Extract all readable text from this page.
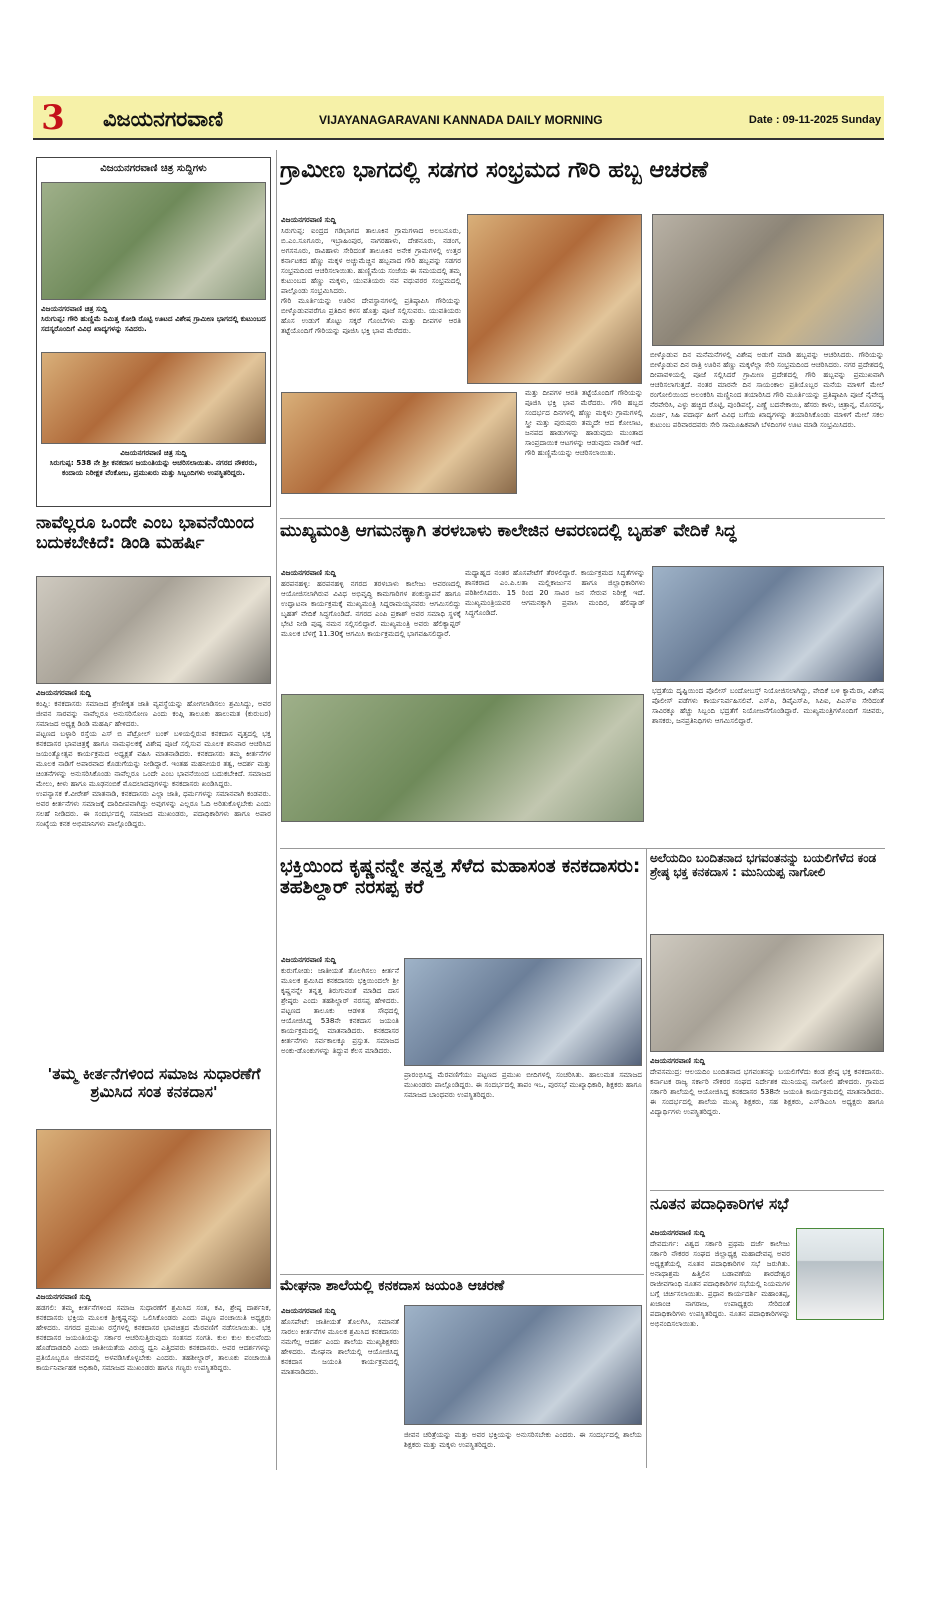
3 ವಿಜಯನಗರವಾಣಿ	VIJAYANAGARAVANI KANNADA DAILY MORNING	Date : 09-11-2025 Sunday
ವಿಜಯನಗರವಾಣಿ ಚಿತ್ರ ಸುದ್ದಿಗಳು
ವಿಜಯನಗರವಾಣಿ ಚಿತ್ರ ಸುದ್ದಿ
ಸಿರುಗುಪ್ಪ: ಗೌರಿ ಹುಣ್ಣಿಮೆ ನಿಮಿತ್ತ ಕೋಡಿ ರೊಟ್ಟಿ ಊಟದ ವಿಶೇಷ ಗ್ರಾಮೀಣ ಭಾಗದಲ್ಲಿ ಕುಟುಂಬದ ಸದಸ್ಯರೊಂದಿಗೆ ವಿವಿಧ ಖಾದ್ಯಗಳನ್ನು ಸವಿದರು.
ವಿಜಯನಗರವಾಣಿ ಚಿತ್ರ ಸುದ್ದಿ
ಸಿರುಗುಪ್ಪ: 538 ನೇ ಶ್ರೀ ಕನಕದಾಸ ಜಯಂತಿಯನ್ನು ಆಚರಿಸಲಾಯಿತು. ನಗರದ ನೌಕರರು, ಕಂದಾಯ ನಿರೀಕ್ಷಕ ವೆಂಕೋಬ, ಪ್ರಮುಖರು ಮತ್ತು ಸಿಬ್ಬಂದಿಗಳು ಉಪಸ್ಥಿತರಿದ್ದರು.
ನಾವೆಲ್ಲರೂ ಒಂದೇ ಎಂಬ ಭಾವನೆಯಿಂದ ಬದುಕಬೇಕಿದೆ: ಡಿಂಡಿ ಮಹರ್ಷಿ
ವಿಜಯನಗರವಾಣಿ ಸುದ್ದಿ
ಕಂಪ್ಲಿ: ಕನಕದಾಸರು ಸಮಾಜದ ಶ್ರೇಣೀಕೃತ ಜಾತಿ ವ್ಯವಸ್ಥೆಯನ್ನು ಹೋಗಲಾಡಿಸಲು ಶ್ರಮಿಸಿದ್ದು, ಅವರ ಜೀವನ ಸಾರವನ್ನು ನಾವೆಲ್ಲರೂ ಅನುಸರಿಸೋಣ ಎಂದು ಕಂಪ್ಲಿ ತಾಲೂಕು ಹಾಲುಮತ (ಕುರುಬರ) ಸಮಾಜದ ಅಧ್ಯಕ್ಷ ಡಿಂಡಿ ಮಹರ್ಷಿ ಹೇಳಿದರು.
ಪಟ್ಟಣದ ಬಳ್ಳಾರಿ ರಸ್ತೆಯ ಎಸ್ ಬಿ ಪೆಟ್ರೋಲ್ ಬಂಕ್ ಬಳಿಯಲ್ಲಿರುವ ಕನಕದಾಸ ವೃತ್ತದಲ್ಲಿ ಭಕ್ತ ಕನಕದಾಸರ ಭಾವಚಿತ್ರಕ್ಕೆ ಹಾಗೂ ನಾಮಫಲಕಕ್ಕೆ ವಿಶೇಷ ಪೂಜೆ ಸಲ್ಲಿಸುವ ಮೂಲಕ ಶನಿವಾರ ಆಚರಿಸಿದ ಜಯಂತ್ಯೋತ್ಸವ ಕಾರ್ಯಕ್ರಮದ ಅಧ್ಯಕ್ಷತೆ ವಹಿಸಿ ಮಾತನಾಡಿದರು. ಕನಕದಾಸರು ತಮ್ಮ ಕೀರ್ತನೆಗಳ ಮೂಲಕ ನಾಡಿಗೆ ಅಪಾರವಾದ ಕೊಡುಗೆಯನ್ನು ನೀಡಿದ್ದಾರೆ. ಇಂತಹ ಮಹನೀಯರ ತತ್ವ, ಆದರ್ಶ ಮತ್ತು ಚಿಂತನೆಗಳನ್ನು ಅನುಸರಿಸಿಕೊಂಡು ನಾವೆಲ್ಲರೂ ಒಂದೇ ಎಂಬ ಭಾವನೆಯಿಂದ ಬದುಕಬೇಕಿದೆ. ಸಮಾಜದ ಮೇಲು, ಕೀಳು ಹಾಗೂ ಮೂಢನಂಬಿಕೆ ಮೊದಲಾದವುಗಳನ್ನು ಕನಕದಾಸರು ಖಂಡಿಸಿದ್ದರು.
ಉಪನ್ಯಾಸಕ ಕೆ.ವೀರೇಶ್ ಮಾತನಾಡಿ, ಕನಕದಾಸರು ಎಲ್ಲಾ ಜಾತಿ, ಧರ್ಮಗಳನ್ನು ಸಮಾನವಾಗಿ ಕಂಡವರು. ಅವರ ಕೀರ್ತನೆಗಳು ಸಮಾಜಕ್ಕೆ ದಾರಿದೀಪವಾಗಿದ್ದು ಅವುಗಳನ್ನು ಎಲ್ಲರೂ ಓದಿ ಅರಿತುಕೊಳ್ಳಬೇಕು ಎಂದು ಸಲಹೆ ನೀಡಿದರು. ಈ ಸಂದರ್ಭದಲ್ಲಿ ಸಮಾಜದ ಮುಖಂಡರು, ಪದಾಧಿಕಾರಿಗಳು ಹಾಗೂ ಅಪಾರ ಸಂಖ್ಯೆಯ ಕನಕ ಅಭಿಮಾನಿಗಳು ಪಾಲ್ಗೊಂಡಿದ್ದರು.
'ತಮ್ಮ ಕೀರ್ತನೆಗಳಿಂದ ಸಮಾಜ ಸುಧಾರಣೆಗೆ ಶ್ರಮಿಸಿದ ಸಂತ ಕನಕದಾಸ'
ವಿಜಯನಗರವಾಣಿ ಸುದ್ದಿ
ಹಡಗಲಿ: ತಮ್ಮ ಕೀರ್ತನೆಗಳಿಂದ ಸಮಾಜ ಸುಧಾರಣೆಗೆ ಶ್ರಮಿಸಿದ ಸಂತ, ಕವಿ, ಶ್ರೇಷ್ಠ ದಾರ್ಶನಿಕ, ಕನಕದಾಸರು ಭಕ್ತಿಯ ಮೂಲಕ ಶ್ರೀಕೃಷ್ಣನನ್ನು ಒಲಿಸಿಕೊಂಡರು ಎಂದು ಪಟ್ಟಣ ಪಂಚಾಯಿತಿ ಅಧ್ಯಕ್ಷರು ಹೇಳಿದರು. ನಗರದ ಪ್ರಮುಖ ರಸ್ತೆಗಳಲ್ಲಿ ಕನಕದಾಸರ ಭಾವಚಿತ್ರದ ಮೆರವಣಿಗೆ ನಡೆಸಲಾಯಿತು. ಭಕ್ತ ಕನಕದಾಸರ ಜಯಂತಿಯನ್ನು ಸರ್ಕಾರ ಆಚರಿಸುತ್ತಿರುವುದು ಸಂತಸದ ಸಂಗತಿ. ಕುಲ ಕುಲ ಕುಲವೆಂದು ಹೊಡೆದಾಡದಿರಿ ಎಂದು ಜಾತೀಯತೆಯ ವಿರುದ್ಧ ಧ್ವನಿ ಎತ್ತಿದವರು ಕನಕದಾಸರು. ಅವರ ಆದರ್ಶಗಳನ್ನು ಪ್ರತಿಯೊಬ್ಬರೂ ಜೀವನದಲ್ಲಿ ಅಳವಡಿಸಿಕೊಳ್ಳಬೇಕು ಎಂದರು. ತಹಶೀಲ್ದಾರ್, ತಾಲೂಕು ಪಂಚಾಯಿತಿ ಕಾರ್ಯನಿರ್ವಾಹಕ ಅಧಿಕಾರಿ, ಸಮಾಜದ ಮುಖಂಡರು ಹಾಗೂ ಗಣ್ಯರು ಉಪಸ್ಥಿತರಿದ್ದರು.
ಗ್ರಾಮೀಣ ಭಾಗದಲ್ಲಿ ಸಡಗರ ಸಂಭ್ರಮದ ಗೌರಿ ಹಬ್ಬ ಆಚರಣೆ
ವಿಜಯನಗರವಾಣಿ ಸುದ್ದಿ
ಸಿರುಗುಪ್ಪ: ಐಂದ್ರದ ಗಡಿಭಾಗದ ತಾಲೂಕಿನ ಗ್ರಾಮಗಳಾದ ಅಲಬನೂರು, ಬಿ.ಎಂ.ಸೂಗೂರು, ಇಬ್ರಾಹಿಂಪುರ, ನಾಗರಹಾಳು, ದೇಶನೂರು, ನಡಂಗ, ಅಗಸನೂರು, ರಾವಿಹಾಳು ಸೇರಿದಂತೆ ತಾಲೂಕಿನ ಅನೇಕ ಗ್ರಾಮಗಳಲ್ಲಿ ಉತ್ತರ ಕರ್ನಾಟಕದ ಹೆಣ್ಣು ಮಕ್ಕಳ ಅಚ್ಚುಮೆಚ್ಚಿನ ಹಬ್ಬವಾದ ಗೌರಿ ಹಬ್ಬವನ್ನು ಸಡಗರ ಸಂಭ್ರಮದಿಂದ ಆಚರಿಸಲಾಯಿತು. ಹುಣ್ಣಿಮೆಯ ಸಂಜೆಯ ಈ ಸಮಯದಲ್ಲಿ ತಮ್ಮ ಕುಟುಂಬದ ಹೆಣ್ಣು ಮಕ್ಕಳು, ಯುವತಿಯರು ನವ ವಧುವರರ ಸಂಭ್ರಮದಲ್ಲಿ ಪಾಲ್ಗೊಂಡು ಸಂಭ್ರಮಿಸಿದರು.
ಗೌರಿ ಮೂರ್ತಿಯನ್ನು ಊರಿನ ದೇವಸ್ಥಾನಗಳಲ್ಲಿ ಪ್ರತಿಷ್ಠಾಪಿಸಿ ಗೌರಿಯನ್ನು ಬೀಳ್ಕೊಡುವವರೆಗೂ ಪ್ರತಿದಿನ ಕಳಸ ಹೊತ್ತು ಪೂಜೆ ಸಲ್ಲಿಸುವರು. ಯುವತಿಯರು ಹೊಸ ಉಡುಗೆ ತೊಟ್ಟು ಸಕ್ಕರೆ ಗೊಂಬೆಗಳು ಮತ್ತು ದೀಪಗಳ ಆರತಿ ತಟ್ಟೆಯೊಂದಿಗೆ ಗೌರಿಯನ್ನು ಪೂಜಿಸಿ ಭಕ್ತಿ ಭಾವ ಮೆರೆದರು.
ಮತ್ತು ದೀಪಗಳ ಆರತಿ ತಟ್ಟೆಯೊಂದಿಗೆ ಗೌರಿಯನ್ನು ಪೂಜಿಸಿ ಭಕ್ತಿ ಭಾವ ಮೆರೆದರು. ಗೌರಿ ಹಬ್ಬದ ಸಂದರ್ಭದ ದಿನಗಳಲ್ಲಿ ಹೆಣ್ಣು ಮಕ್ಕಳು ಗ್ರಾಮಗಳಲ್ಲಿ ಸ್ತ್ರೀ ಮತ್ತು ಪುರುಷರು ತಮ್ಮದೇ ಆದ ಕೋಲಾಟ, ಜನಪದ ಹಾಡುಗಳನ್ನು ಹಾಡುವುದು ಮುಂತಾದ ಸಾಂಪ್ರದಾಯಿಕ ಆಟಗಳನ್ನು ಆಡುವುದು ವಾಡಿಕೆ ಇದೆ. ಗೌರಿ ಹುಣ್ಣಿಮೆಯನ್ನು ಆಚರಿಸಲಾಯಿತು.
ಬೀಳ್ಕೊಡುವ ದಿನ ಮನೆಮನೆಗಳಲ್ಲಿ ವಿಶೇಷ ಅಡುಗೆ ಮಾಡಿ ಹಬ್ಬವನ್ನು ಆಚರಿಸಿದರು. ಗೌರಿಯನ್ನು ಬೀಳ್ಕೊಡುವ ದಿನ ರಾತ್ರಿ ಊರಿನ ಹೆಣ್ಣು ಮಕ್ಕಳೆಲ್ಲಾ ಸೇರಿ ಸಂಭ್ರಮದಿಂದ ಆಚರಿಸಿದರು. ನಗರ ಪ್ರದೇಶದಲ್ಲಿ ದೀಪಾವಳಿಯಲ್ಲಿ ಪೂಜೆ ಸಲ್ಲಿಸಿದರೆ ಗ್ರಾಮೀಣ ಪ್ರದೇಶದಲ್ಲಿ ಗೌರಿ ಹಬ್ಬವನ್ನು ಪ್ರಮುಖವಾಗಿ ಆಚರಿಸಲಾಗುತ್ತದೆ. ನಂತರ ಮಾರನೇ ದಿನ ಸಾಯಂಕಾಲ ಪ್ರತಿಯೊಬ್ಬರ ಮನೆಯ ಮಾಳಿಗೆ ಮೇಲೆ ರಂಗೋಲಿಯಿಂದ ಅಲಂಕರಿಸಿ ಮಣ್ಣಿನಿಂದ ತಯಾರಿಸಿದ ಗೌರಿ ಮೂರ್ತಿಯನ್ನು ಪ್ರತಿಷ್ಠಾಪಿಸಿ ಪೂಜೆ ನೈವೇದ್ಯ ನೆರವೇರಿಸಿ, ಎಳ್ಳು ಹಚ್ಚಿದ ರೊಟ್ಟಿ, ಪುಂಡಿಪಲ್ಯೆ, ಎಣ್ಣೆ ಬದನೇಕಾಯಿ, ಹೆಸರು ಕಾಳು, ಚಿತ್ರಾನ್ನ, ಮೊಸರನ್ನ, ಮಿರ್ಚಿ, ಸಿಹಿ ಪದಾರ್ಥ ಹೀಗೆ ವಿವಿಧ ಬಗೆಯ ಖಾದ್ಯಗಳನ್ನು ತಯಾರಿಸಿಕೊಂಡು ಮಾಳಿಗೆ ಮೇಲೆ ಸಕಲ ಕುಟುಂಬ ಪರಿವಾರದವರು ಸೇರಿ ಸಾಮೂಹಿಕವಾಗಿ ಬೆಳದಿಂಗಳ ಊಟ ಮಾಡಿ ಸಂಭ್ರಮಿಸಿದರು.
ಮುಖ್ಯಮಂತ್ರಿ ಆಗಮನಕ್ಕಾಗಿ ತರಳಬಾಳು ಕಾಲೇಜಿನ ಆವರಣದಲ್ಲಿ ಬೃಹತ್ ವೇದಿಕೆ ಸಿದ್ಧ
ವಿಜಯನಗರವಾಣಿ ಸುದ್ದಿ
ಹರಪನಹಳ್ಳಿ: ಹರಪನಹಳ್ಳಿ ನಗರದ ತರಳಬಾಳು ಕಾಲೇಜು ಆವರಣದಲ್ಲಿ ಆಯೋಜಿಸಲಾಗಿರುವ ವಿವಿಧ ಅಭಿವೃದ್ಧಿ ಕಾಮಗಾರಿಗಳ ಶಂಕುಸ್ಥಾಪನೆ ಹಾಗೂ ಉದ್ಘಾಟನಾ ಕಾರ್ಯಕ್ರಮಕ್ಕೆ ಮುಖ್ಯಮಂತ್ರಿ ಸಿದ್ದರಾಮಯ್ಯನವರು ಆಗಮಿಸಲಿದ್ದು ಬೃಹತ್ ವೇದಿಕೆ ಸಿದ್ಧಗೊಂಡಿದೆ. ನಗರದ ಎಂಪಿ ಪ್ರಕಾಶ್ ಅವರ ಸಮಾಧಿ ಸ್ಥಳಕ್ಕೆ ಭೇಟಿ ನೀಡಿ ಪುಷ್ಪ ನಮನ ಸಲ್ಲಿಸಲಿದ್ದಾರೆ. ಮುಖ್ಯಮಂತ್ರಿ ಅವರು ಹೆಲಿಕ್ಯಾಪ್ಟರ್ ಮೂಲಕ ಬೆಳಗ್ಗೆ 11.30ಕ್ಕೆ ಆಗಮಿಸಿ ಕಾರ್ಯಕ್ರಮದಲ್ಲಿ ಭಾಗವಹಿಸಲಿದ್ದಾರೆ.
ಮಧ್ಯಾಹ್ನದ ನಂತರ ಹೊಸಪೇಟೆಗೆ ತೆರಳಲಿದ್ದಾರೆ. ಕಾರ್ಯಕ್ರಮದ ಸಿದ್ಧತೆಗಳನ್ನು ಶಾಸಕರಾದ ಎಂ.ಪಿ.ಲತಾ ಮಲ್ಲಿಕಾರ್ಜುನ ಹಾಗೂ ಜಿಲ್ಲಾಧಿಕಾರಿಗಳು ಪರಿಶೀಲಿಸಿದರು. 15 ರಿಂದ 20 ಸಾವಿರ ಜನ ಸೇರುವ ನಿರೀಕ್ಷೆ ಇದೆ. ಮುಖ್ಯಮಂತ್ರಿಯವರ ಆಗಮನಕ್ಕಾಗಿ ಪ್ರವಾಸಿ ಮಂದಿರ, ಹೆಲಿಪ್ಯಾಡ್ ಸಿದ್ಧಗೊಂಡಿದೆ.
ಭದ್ರತೆಯ ದೃಷ್ಟಿಯಿಂದ ಪೊಲೀಸ್ ಬಂದೋಬಸ್ತ್ ನಿಯೋಜಿಸಲಾಗಿದ್ದು, ವೇದಿಕೆ ಬಳಿ ಕ್ಯಾಮೆರಾ, ವಿಶೇಷ ಪೊಲೀಸ್ ಪಡೆಗಳು ಕಾರ್ಯನಿರ್ವಹಿಸಲಿವೆ. ಎಸ್‌ಪಿ, ಡಿವೈಎಸ್‌ಪಿ, ಸಿಪಿಐ, ಪಿಎಸ್‌ಐ ಸೇರಿದಂತೆ ಸಾವಿರಕ್ಕೂ ಹೆಚ್ಚು ಸಿಬ್ಬಂದಿ ಭದ್ರತೆಗೆ ನಿಯೋಜನೆಗೊಂಡಿದ್ದಾರೆ. ಮುಖ್ಯಮಂತ್ರಿಗಳೊಂದಿಗೆ ಸಚಿವರು, ಶಾಸಕರು, ಜನಪ್ರತಿನಿಧಿಗಳು ಆಗಮಿಸಲಿದ್ದಾರೆ.
ಭಕ್ತಿಯಿಂದ ಕೃಷ್ಣನನ್ನೇ ತನ್ನತ್ತ ಸೆಳೆದ ಮಹಾಸಂತ ಕನಕದಾಸರು: ತಹಶಿಲ್ದಾರ್ ನರಸಪ್ಪ ಕರೆ
ವಿಜಯನಗರವಾಣಿ ಸುದ್ದಿ
ಕುರುಗೋಡು: ಜಾತೀಯತೆ ತೊಲಗಿಸಲು ಕೀರ್ತನೆ ಮೂಲಕ ಶ್ರಮಿಸಿದ ಕನಕದಾಸರು ಭಕ್ತಿಯಿಂದಲೇ ಶ್ರೀ ಕೃಷ್ಣನನ್ನೇ ತನ್ನತ್ತ ತಿರುಗುವಂತೆ ಮಾಡಿದ ದಾಸ ಶ್ರೇಷ್ಠರು ಎಂದು ತಹಶಿಲ್ದಾರ್ ನರಸಪ್ಪ ಹೇಳಿದರು. ಪಟ್ಟಣದ ತಾಲೂಕು ಆಡಳಿತ ಸೌಧದಲ್ಲಿ ಆಯೋಜಿಸಿದ್ದ 538ನೇ ಕನಕದಾಸ ಜಯಂತಿ ಕಾರ್ಯಕ್ರಮದಲ್ಲಿ ಮಾತನಾಡಿದರು. ಕನಕದಾಸರ ಕೀರ್ತನೆಗಳು ಸರ್ವಕಾಲಕ್ಕೂ ಪ್ರಸ್ತುತ. ಸಮಾಜದ ಅಂಕು-ಡೊಂಕುಗಳನ್ನು ತಿದ್ದುವ ಕೆಲಸ ಮಾಡಿದರು.
ಪ್ರಾರಂಭಿಸಿದ್ದ ಮೆರವಣಿಗೆಯು ಪಟ್ಟಣದ ಪ್ರಮುಖ ಬೀದಿಗಳಲ್ಲಿ ಸಂಚರಿಸಿತು. ಹಾಲುಮತ ಸಮಾಜದ ಮುಖಂಡರು ಪಾಲ್ಗೊಂಡಿದ್ದರು. ಈ ಸಂದರ್ಭದಲ್ಲಿ ತಾಪಂ ಇಒ, ಪುರಸಭೆ ಮುಖ್ಯಾಧಿಕಾರಿ, ಶಿಕ್ಷಕರು ಹಾಗೂ ಸಮಾಜದ ಬಾಂಧವರು ಉಪಸ್ಥಿತರಿದ್ದರು.
ಮೇಘನಾ ಶಾಲೆಯಲ್ಲಿ ಕನಕದಾಸ ಜಯಂತಿ ಆಚರಣೆ
ವಿಜಯನಗರವಾಣಿ ಸುದ್ದಿ
ಹೊಸಪೇಟೆ: ಜಾತೀಯತೆ ತೊಲಗಿಸಿ, ಸಮಾನತೆ ಸಾರಲು ಕೀರ್ತನೆಗಳ ಮೂಲಕ ಶ್ರಮಿಸಿದ ಕನಕದಾಸರು ನಮಗೆಲ್ಲ ಆದರ್ಶ ಎಂದು ಶಾಲೆಯ ಮುಖ್ಯಶಿಕ್ಷಕರು ಹೇಳಿದರು. ಮೇಘನಾ ಶಾಲೆಯಲ್ಲಿ ಆಯೋಜಿಸಿದ್ದ ಕನಕದಾಸ ಜಯಂತಿ ಕಾರ್ಯಕ್ರಮದಲ್ಲಿ ಮಾತನಾಡಿದರು.
ಜೀವನ ಚರಿತ್ರೆಯನ್ನು ಮತ್ತು ಅವರ ಭಕ್ತಿಯನ್ನು ಅನುಸರಿಸಬೇಕು ಎಂದರು. ಈ ಸಂದರ್ಭದಲ್ಲಿ ಶಾಲೆಯ ಶಿಕ್ಷಕರು ಮತ್ತು ಮಕ್ಕಳು ಉಪಸ್ಥಿತರಿದ್ದರು.
ಅಲೆಯದಿಂ ಬಂದಿತನಾದ ಭಗವಂತನನ್ನು ಬಯಲಿಗೆಳೆದ ಕಂಡ ಶ್ರೇಷ್ಠ ಭಕ್ತ ಕನಕದಾಸ : ಮುನಿಯಪ್ಪ ನಾಗೋಲಿ
ವಿಜಯನಗರವಾಣಿ ಸುದ್ದಿ
ದೇವಸಮುದ್ರ: ಆಲಯದಿಂ ಬಂದಿತನಾದ ಭಗವಂತನನ್ನು ಬಯಲಿಗೆಳೆದು ಕಂಡ ಶ್ರೇಷ್ಠ ಭಕ್ತ ಕನಕದಾಸರು. ಕರ್ನಾಟಕ ರಾಜ್ಯ ಸರ್ಕಾರಿ ನೌಕರರ ಸಂಘದ ನಿರ್ದೇಶಕ ಮುನಿಯಪ್ಪ ನಾಗೋಲಿ ಹೇಳಿದರು. ಗ್ರಾಮದ ಸರ್ಕಾರಿ ಶಾಲೆಯಲ್ಲಿ ಆಯೋಜಿಸಿದ್ದ ಕನಕದಾಸರ 538ನೇ ಜಯಂತಿ ಕಾರ್ಯಕ್ರಮದಲ್ಲಿ ಮಾತನಾಡಿದರು. ಈ ಸಂದರ್ಭದಲ್ಲಿ ಶಾಲೆಯ ಮುಖ್ಯ ಶಿಕ್ಷಕರು, ಸಹ ಶಿಕ್ಷಕರು, ಎಸ್‌ಡಿಎಂಸಿ ಅಧ್ಯಕ್ಷರು ಹಾಗೂ ವಿದ್ಯಾರ್ಥಿಗಳು ಉಪಸ್ಥಿತರಿದ್ದರು.
ನೂತನ ಪದಾಧಿಕಾರಿಗಳ ಸಭೆ
ವಿಜಯನಗರವಾಣಿ ಸುದ್ದಿ
ದೇವದುರ್ಗ: ವಿಶ್ವದ ಸರ್ಕಾರಿ ಪ್ರಥಮ ದರ್ಜೆ ಕಾಲೇಜು ಸರ್ಕಾರಿ ನೌಕರರ ಸಂಘದ ಜಿಲ್ಲಾಧ್ಯಕ್ಷ ಮಹಾದೇವಪ್ಪ ಅವರ ಅಧ್ಯಕ್ಷತೆಯಲ್ಲಿ ನೂತನ ಪದಾಧಿಕಾರಿಗಳ ಸಭೆ ಜರುಗಿತು. ಅನಾಥಾಶ್ರಮ ಹಿತ್ತಿಲಿನ ಬಡಾವಣೆಯ ಶಾರದೇಶ್ವರ ರಾಜೀವಗಾಂಧಿ ನೂತನ ಪದಾಧಿಕಾರಿಗಳ ಸಭೆಯಲ್ಲಿ ನಿಯಮಗಳ ಬಗ್ಗೆ ಚರ್ಚಿಸಲಾಯಿತು. ಪ್ರಧಾನ ಕಾರ್ಯದರ್ಶಿ ಮಹಾಂತಪ್ಪ, ಖಜಾಂಚಿ ನಾಗರಾಜ, ಉಪಾಧ್ಯಕ್ಷರು ಸೇರಿದಂತೆ ಪದಾಧಿಕಾರಿಗಳು ಉಪಸ್ಥಿತರಿದ್ದರು. ನೂತನ ಪದಾಧಿಕಾರಿಗಳನ್ನು ಅಭಿನಂದಿಸಲಾಯಿತು.
